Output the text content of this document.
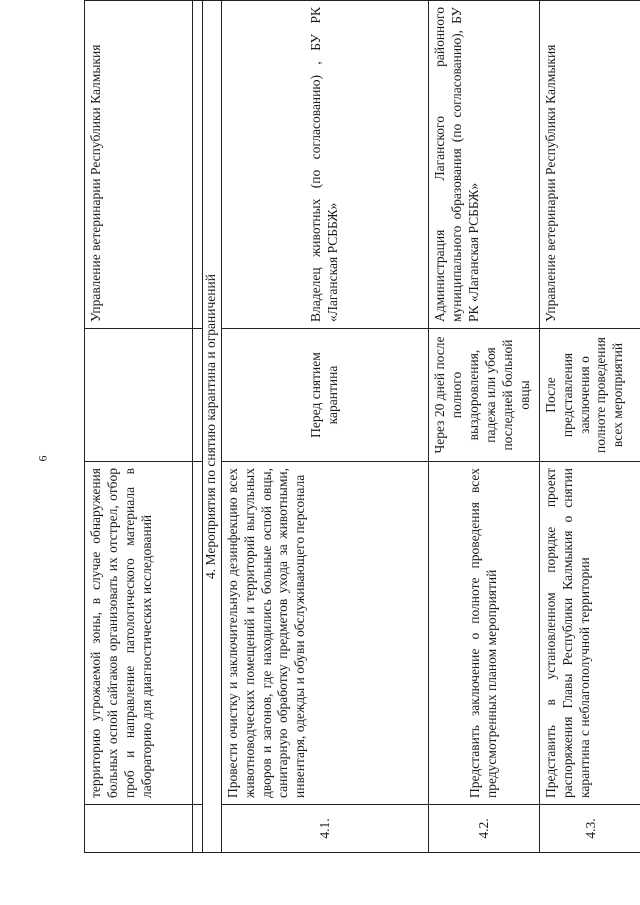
6
	территорию угрожаемой зоны, в случае обнаружения больных оспой сайгаков организовать их отстрел, отбор проб и направление патологического материала в лабораторию для диагностических исследований		Управление ветеринарии Республики Калмыкия

4. Мероприятия по снятию карантина и ограничений			
4.1.	Провести очистку и заключительную дезинфекцию всех животноводческих помещений и территорий выгульных дворов и загонов, где находились больные оспой овцы, санитарную обработку предметов ухода за животными, инвентаря, одежды и обуви обслуживающего персонала	Перед снятием карантина	Владелец животных (по согласованию) , БУ РК «Лаганская РСББЖ»
4.2.	Представить заключение о полноте проведения всех предусмотренных планом мероприятий	Через 20 дней после полного выздоровления, падежа или убоя последней больной овцы	Администрация Лаганского районного муниципального образования (по согласованию), БУ РК «Лаганская РСББЖ»
4.3.	Представить в установленном порядке проект распоряжения Главы Республики Калмыкия о снятии карантина с неблагополучной территории	После представления заключения о полноте проведения всех мероприятий	Управление ветеринарии Республики Калмыкия
